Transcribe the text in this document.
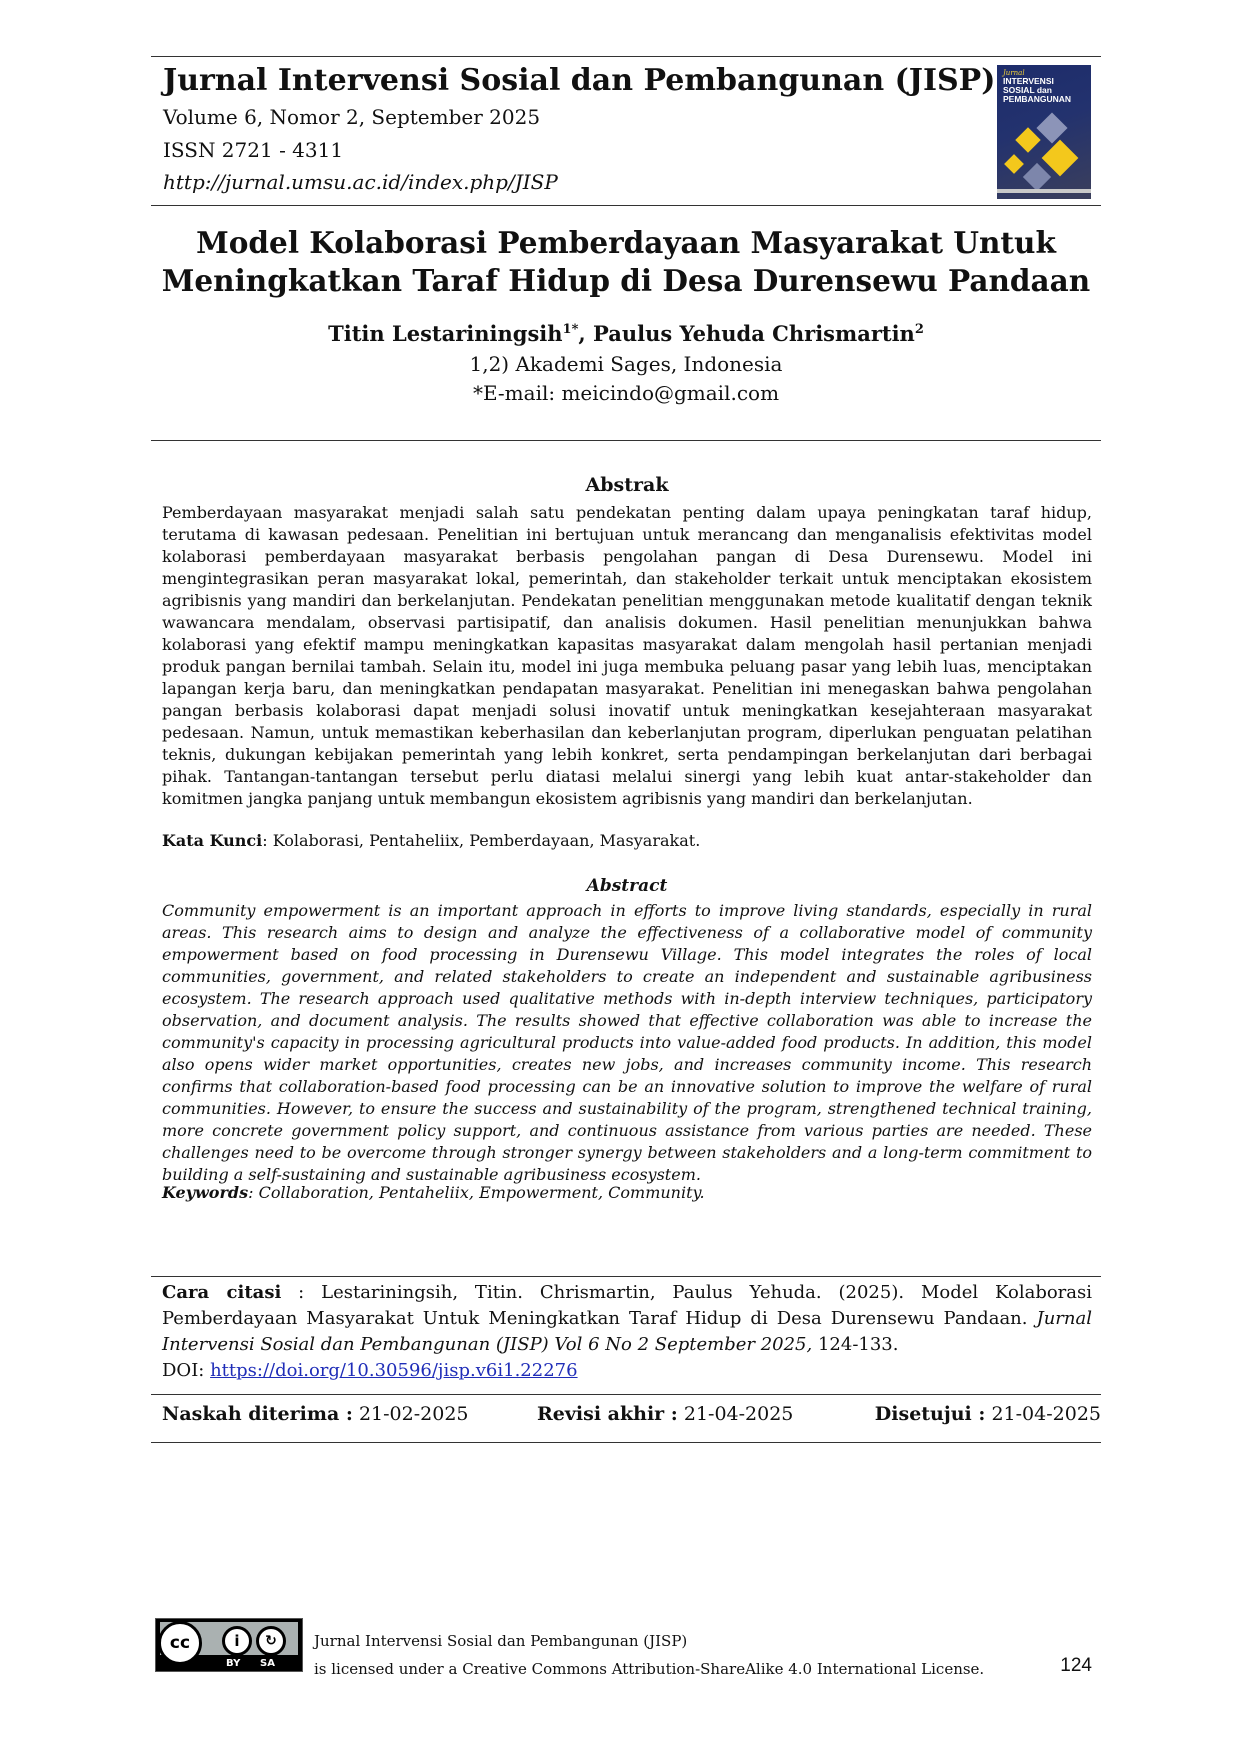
Jurnal Intervensi Sosial dan Pembangunan (JISP)
Volume 6, Nomor 2, September 2025
ISSN 2721 - 4311
http://jurnal.umsu.ac.id/index.php/JISP
Jurnal
INTERVENSI SOSIAL dan PEMBANGUNAN
Model Kolaborasi Pemberdayaan Masyarakat Untuk
Meningkatkan Taraf Hidup di Desa Durensewu Pandaan
Titin Lestariningsih$^{1*}$, Paulus Yehuda Chrismartin$^2$
1,2) Akademi Sages, Indonesia
*E-mail: meicindo@gmail.com
Abstrak
Pemberdayaan masyarakat menjadi salah satu pendekatan penting dalam upaya peningkatan taraf hidup, terutama di kawasan pedesaan. Penelitian ini bertujuan untuk merancang dan menganalisis efektivitas model kolaborasi pemberdayaan masyarakat berbasis pengolahan pangan di Desa Durensewu. Model ini mengintegrasikan peran masyarakat lokal, pemerintah, dan stakeholder terkait untuk menciptakan ekosistem agribisnis yang mandiri dan berkelanjutan. Pendekatan penelitian menggunakan metode kualitatif dengan teknik wawancara mendalam, observasi partisipatif, dan analisis dokumen. Hasil penelitian menunjukkan bahwa kolaborasi yang efektif mampu meningkatkan kapasitas masyarakat dalam mengolah hasil pertanian menjadi produk pangan bernilai tambah. Selain itu, model ini juga membuka peluang pasar yang lebih luas, menciptakan lapangan kerja baru, dan meningkatkan pendapatan masyarakat. Penelitian ini menegaskan bahwa pengolahan pangan berbasis kolaborasi dapat menjadi solusi inovatif untuk meningkatkan kesejahteraan masyarakat pedesaan. Namun, untuk memastikan keberhasilan dan keberlanjutan program, diperlukan penguatan pelatihan teknis, dukungan kebijakan pemerintah yang lebih konkret, serta pendampingan berkelanjutan dari berbagai pihak. Tantangan-tantangan tersebut perlu diatasi melalui sinergi yang lebih kuat antar-stakeholder dan komitmen jangka panjang untuk membangun ekosistem agribisnis yang mandiri dan berkelanjutan.
Kata Kunci: Kolaborasi, Pentaheliix, Pemberdayaan, Masyarakat.
Abstract
Community empowerment is an important approach in efforts to improve living standards, especially in rural areas. This research aims to design and analyze the effectiveness of a collaborative model of community empowerment based on food processing in Durensewu Village. This model integrates the roles of local communities, government, and related stakeholders to create an independent and sustainable agribusiness ecosystem. The research approach used qualitative methods with in-depth interview techniques, participatory observation, and document analysis. The results showed that effective collaboration was able to increase the community's capacity in processing agricultural products into value-added food products. In addition, this model also opens wider market opportunities, creates new jobs, and increases community income. This research confirms that collaboration-based food processing can be an innovative solution to improve the welfare of rural communities. However, to ensure the success and sustainability of the program, strengthened technical training, more concrete government policy support, and continuous assistance from various parties are needed. These challenges need to be overcome through stronger synergy between stakeholders and a long-term commitment to building a self-sustaining and sustainable agribusiness ecosystem.
Keywords: Collaboration, Pentaheliix, Empowerment, Community.
Cara citasi : Lestariningsih, Titin. Chrismartin, Paulus Yehuda. (2025). Model Kolaborasi Pemberdayaan Masyarakat Untuk Meningkatkan Taraf Hidup di Desa Durensewu Pandaan. Jurnal Intervensi Sosial dan Pembangunan (JISP) Vol 6 No 2 September 2025, 124-133.
DOI: https://doi.org/10.30596/jisp.v6i1.22276
Naskah diterima : 21-02-2025	Revisi akhir : 21-04-2025	Disetujui : 21-04-2025
cc	i	↻
BY SA
Jurnal Intervensi Sosial dan Pembangunan (JISP)
is licensed under a Creative Commons Attribution-ShareAlike 4.0 International License.	124
